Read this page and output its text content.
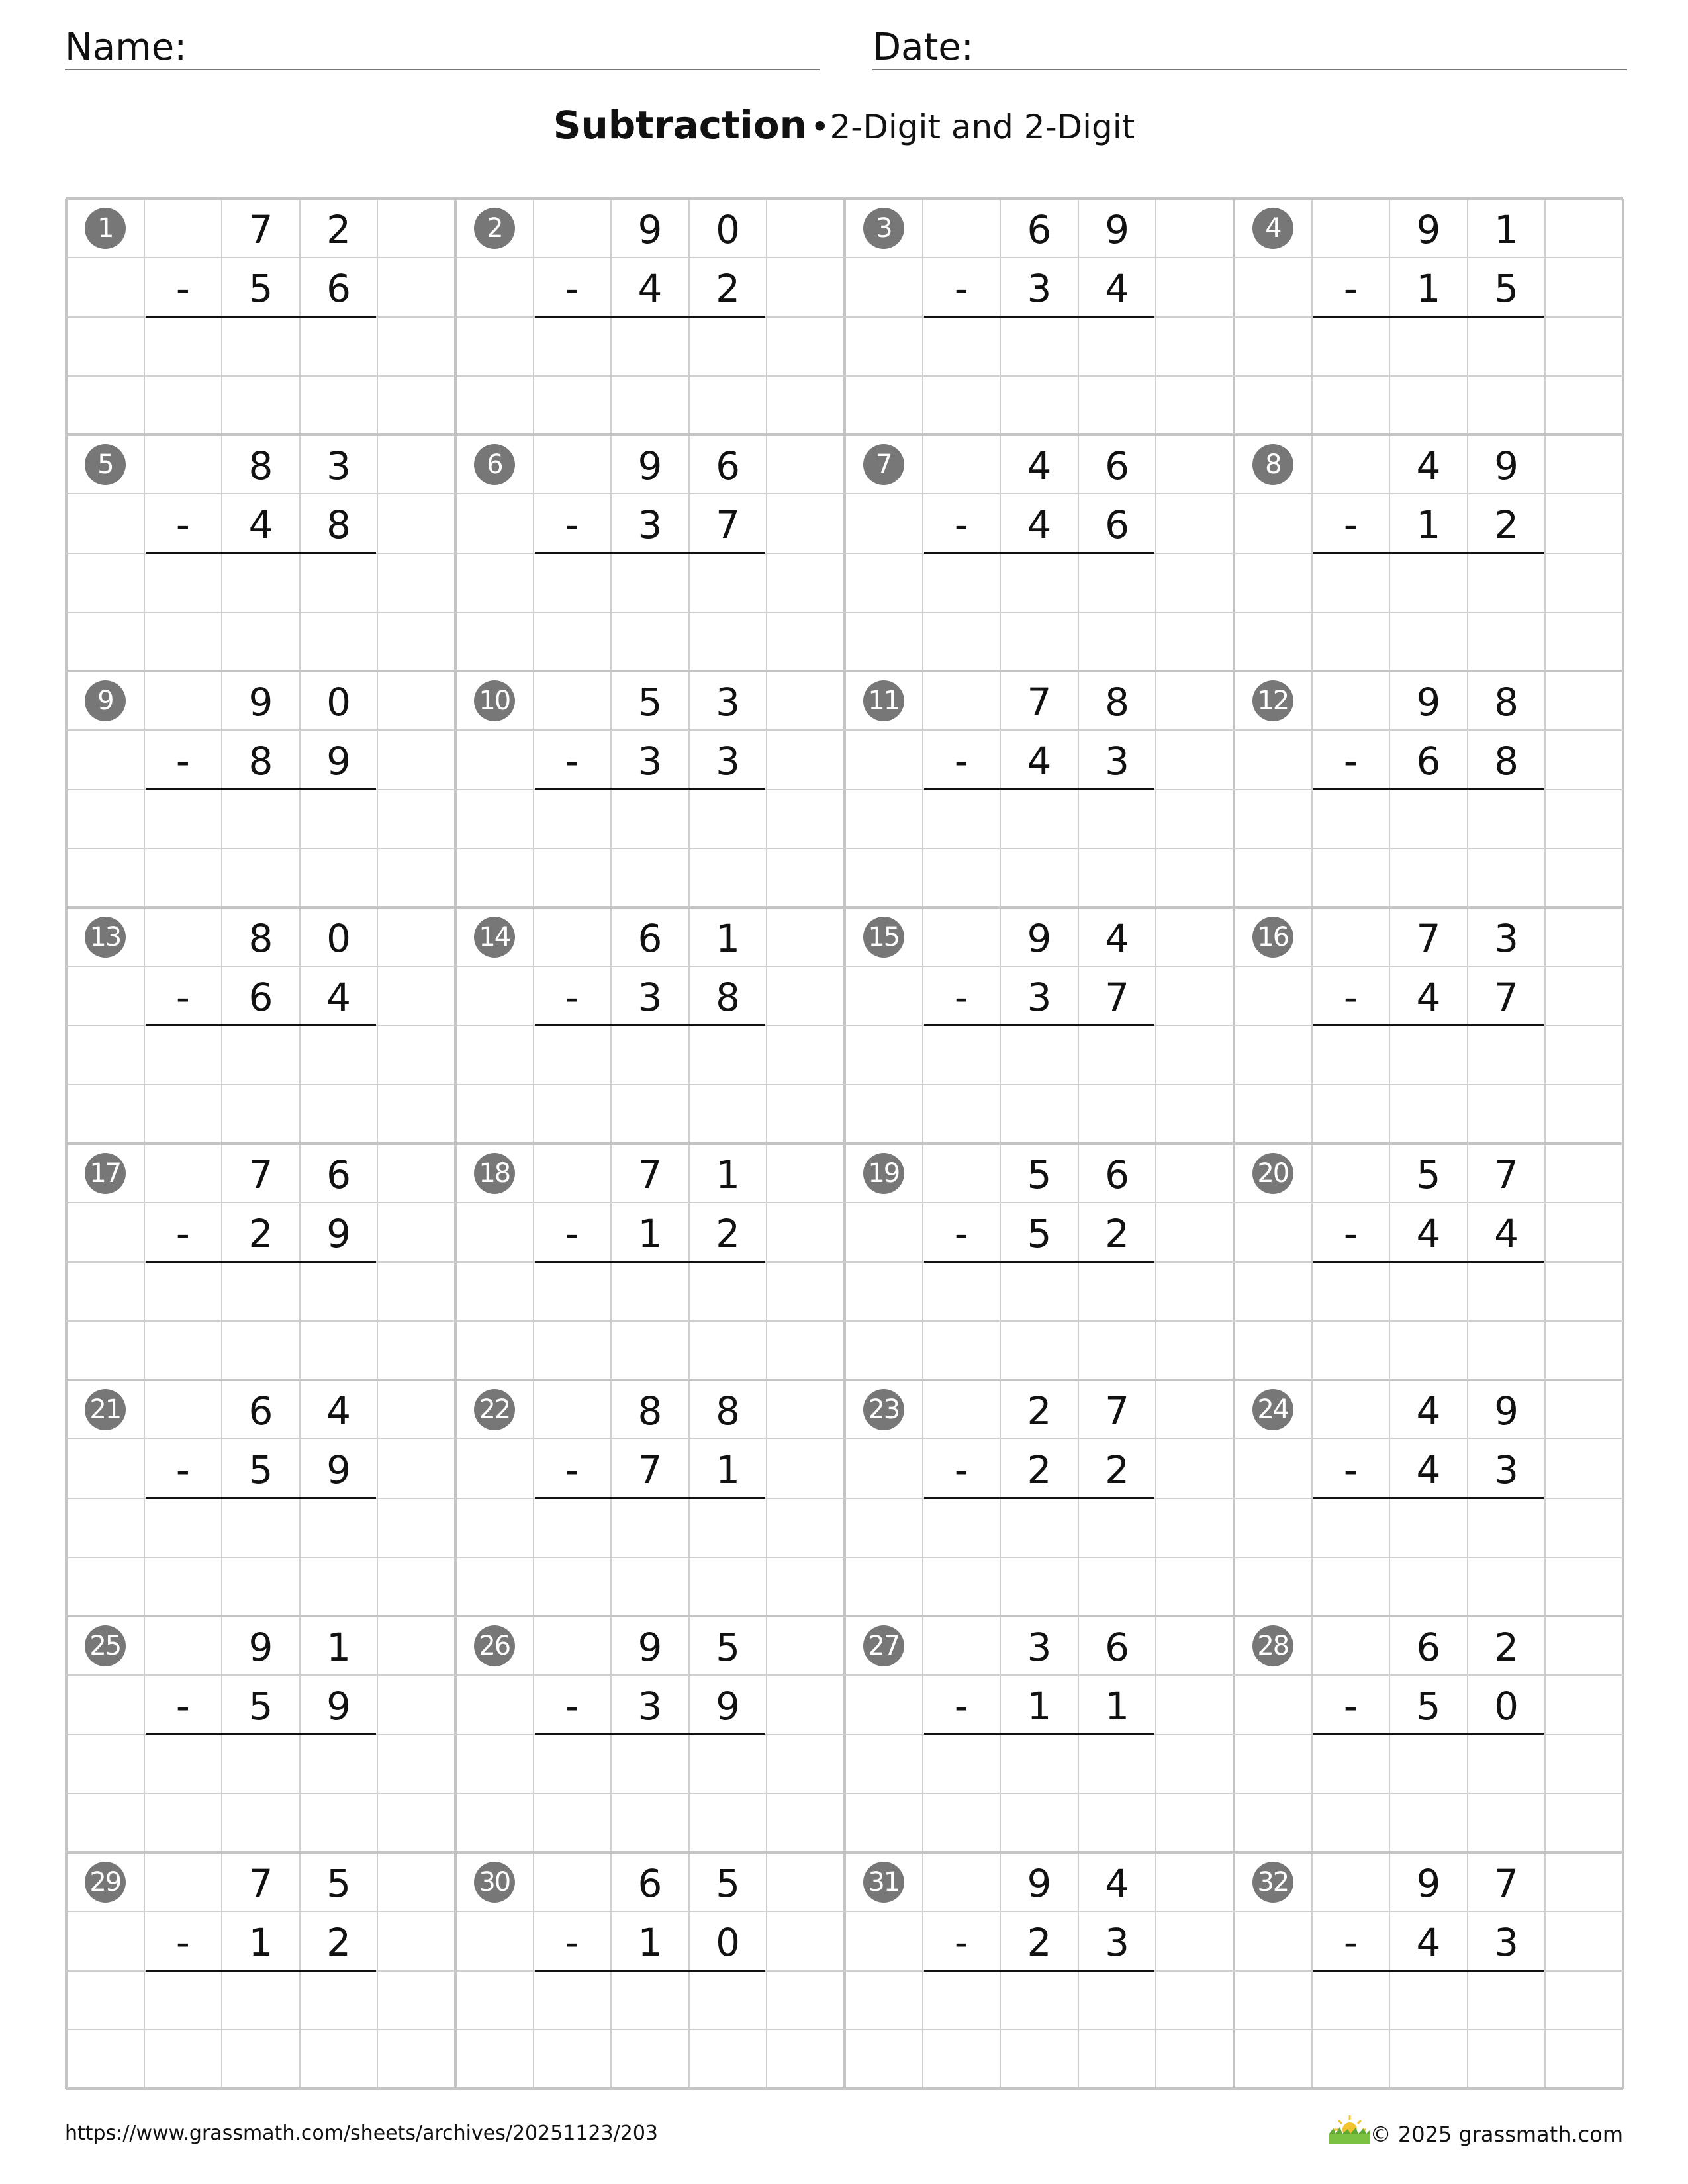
Name:	Date:
Subtraction •2-Digit and 2-Digit
1	7	2
-	5	6
2	9	0
-	4	2
3	6	9
-	3	4
4	9	1
-	1	5
5	8	3
-	4	8
6	9	6
-	3	7
7	4	6
-	4	6
8	4	9
-	1	2
9	9	0
-	8	9
10	5	3
-	3	3
11	7	8
-	4	3
12	9	8
-	6	8
13	8	0
-	6	4
14	6	1
-	3	8
15	9	4
-	3	7
16	7	3
-	4	7
17	7	6
-	2	9
18	7	1
-	1	2
19	5	6
-	5	2
20	5	7
-	4	4
21	6	4
-	5	9
22	8	8
-	7	1
23	2	7
-	2	2
24	4	9
-	4	3
25	9	1
-	5	9
26	9	5
-	3	9
27	3	6
-	1	1
28	6	2
-	5	0
29	7	5
-	1	2
30	6	5
-	1	0
31	9	4
-	2	3
32	9	7
-	4	3
https://www.grassmath.com/sheets/archives/20251123/203	© 2025 grassmath.com
